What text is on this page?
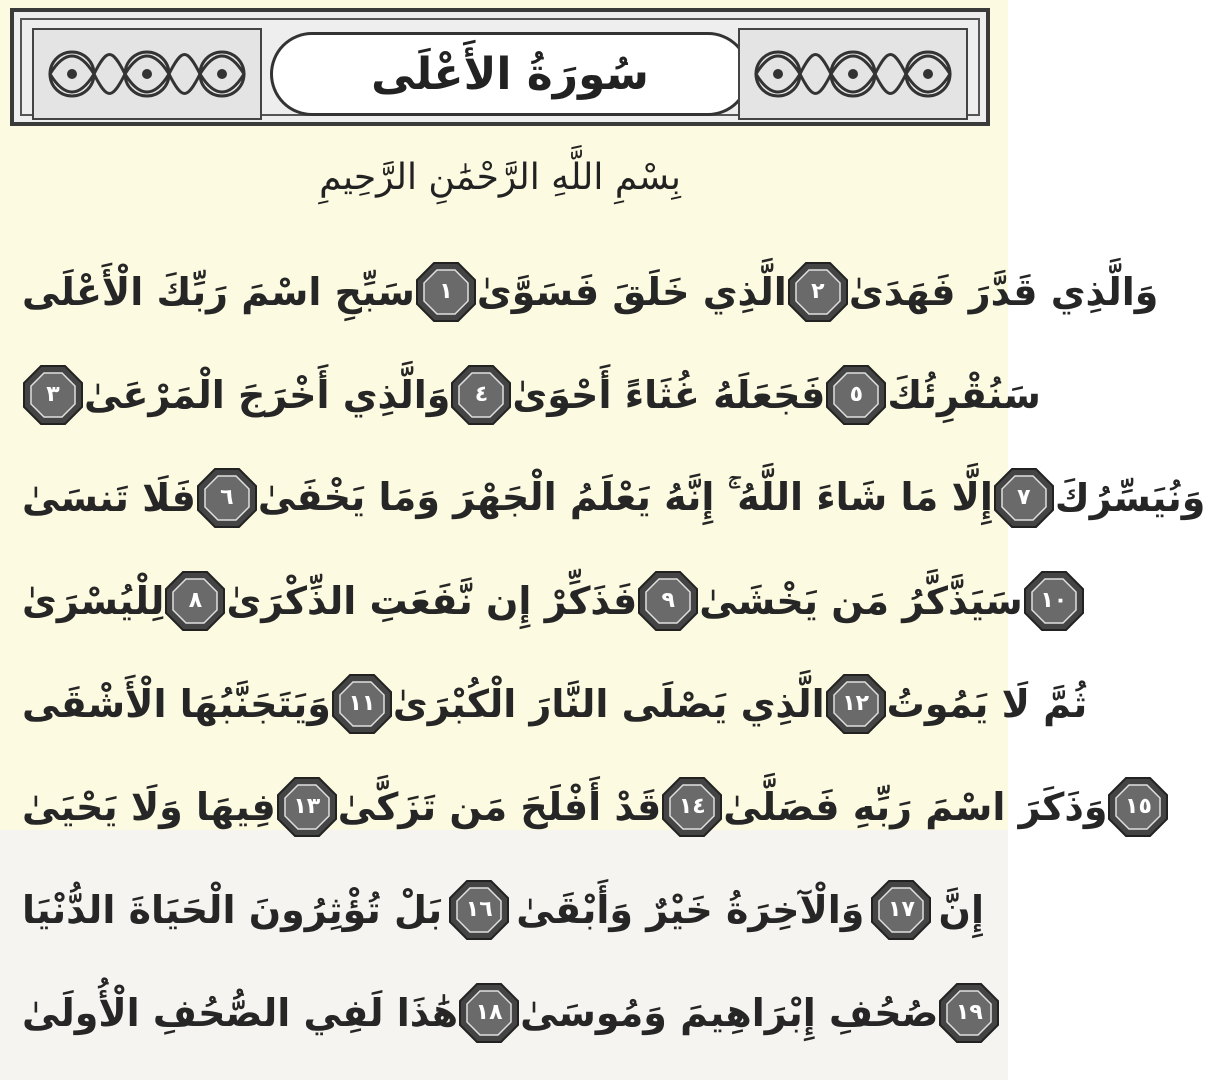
سُورَةُ الأَعْلَى
بِسْمِ اللَّهِ الرَّحْمَٰنِ الرَّحِيمِ
سَبِّحِ اسْمَ رَبِّكَ الْأَعْلَى	١ الَّذِي خَلَقَ فَسَوَّىٰ	٢ وَالَّذِي قَدَّرَ فَهَدَىٰ
٣ وَالَّذِي أَخْرَجَ الْمَرْعَىٰ	٤ فَجَعَلَهُ غُثَاءً أَحْوَىٰ	٥ سَنُقْرِئُكَ
فَلَا تَنسَىٰ	٦ إِلَّا مَا شَاءَ اللَّهُ ۚ إِنَّهُ يَعْلَمُ الْجَهْرَ وَمَا يَخْفَىٰ	٧ وَنُيَسِّرُكَ
لِلْيُسْرَىٰ	٨ فَذَكِّرْ إِن نَّفَعَتِ الذِّكْرَىٰ	٩ سَيَذَّكَّرُ مَن يَخْشَىٰ ١٠
وَيَتَجَنَّبُهَا الْأَشْقَى ١١ الَّذِي يَصْلَى النَّارَ الْكُبْرَىٰ ١٢ ثُمَّ لَا يَمُوتُ
فِيهَا وَلَا يَحْيَىٰ ١٣ قَدْ أَفْلَحَ مَن تَزَكَّىٰ ١٤ وَذَكَرَ اسْمَ رَبِّهِ فَصَلَّىٰ ١٥
بَلْ تُؤْثِرُونَ الْحَيَاةَ الدُّنْيَا	١٦ وَالْآخِرَةُ خَيْرٌ وَأَبْقَىٰ	١٧ إِنَّ
هَٰذَا لَفِي الصُّحُفِ الْأُولَىٰ ١٨ صُحُفِ إِبْرَاهِيمَ وَمُوسَىٰ ١٩
